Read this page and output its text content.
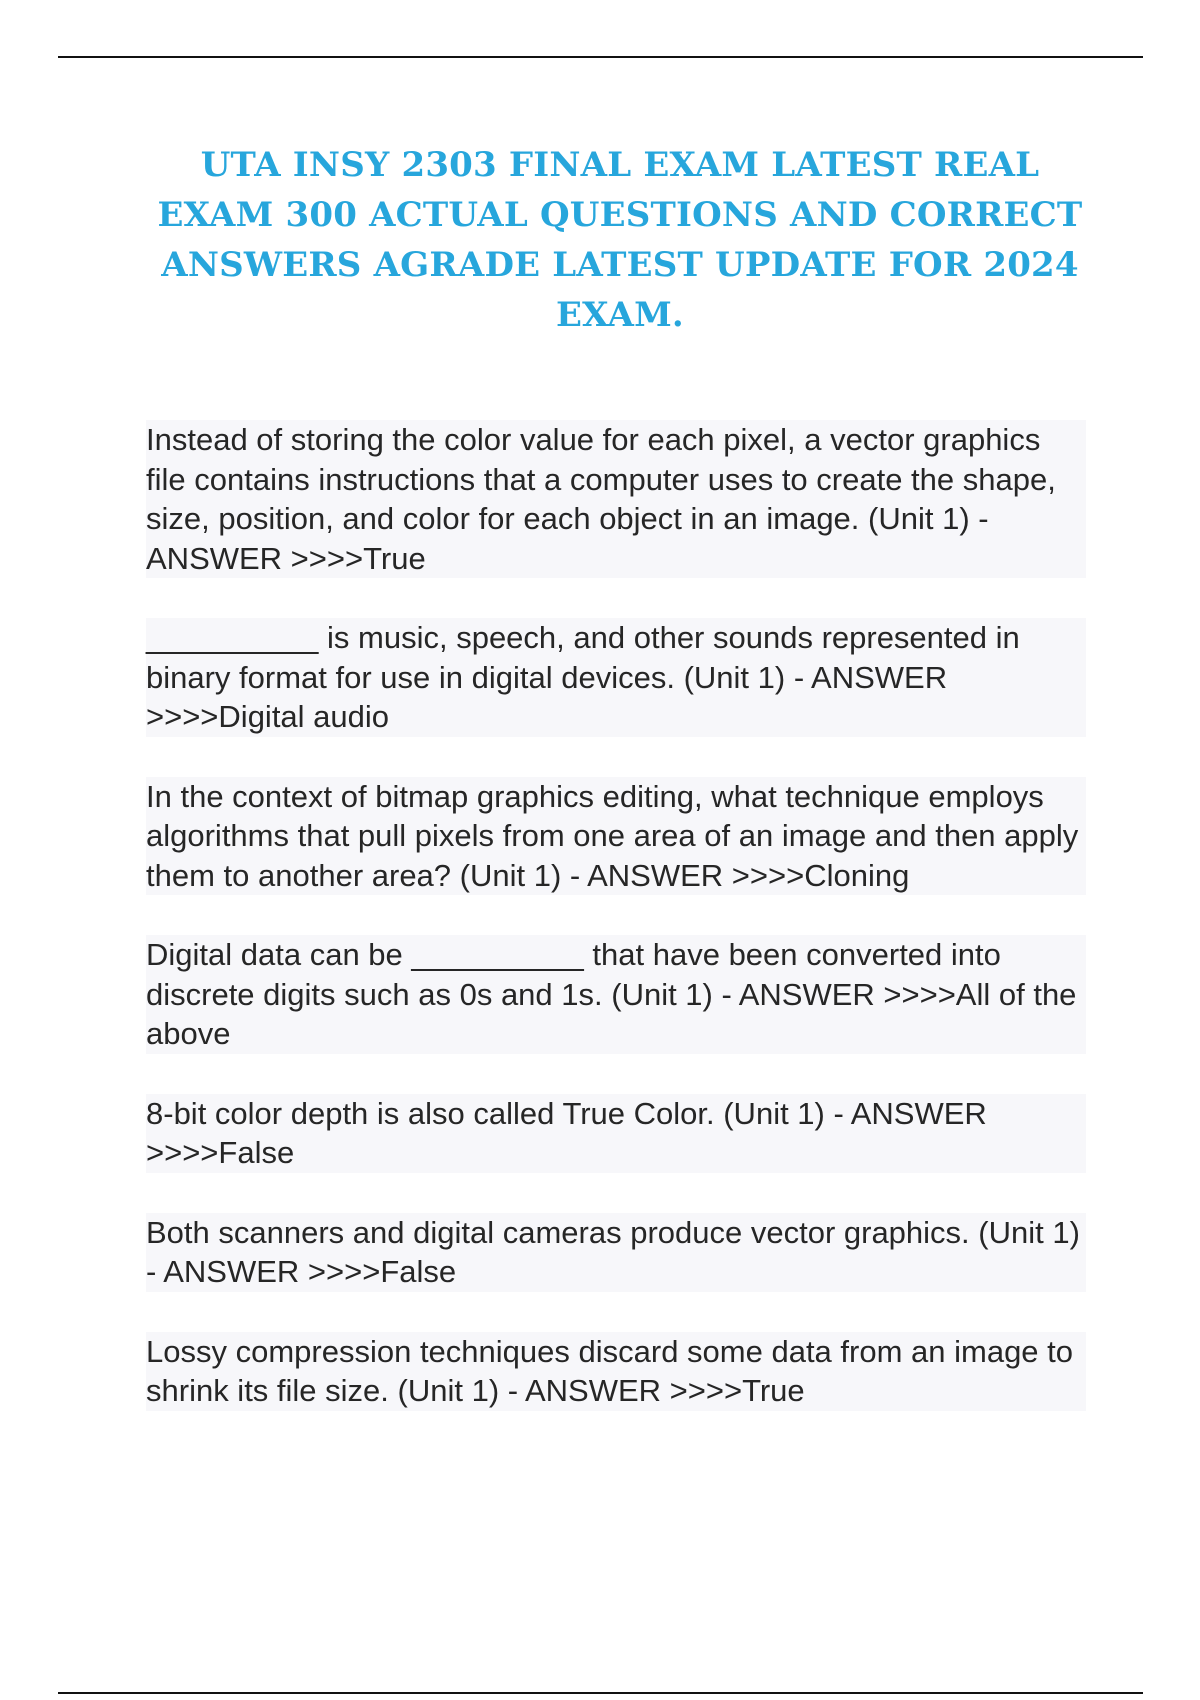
UTA INSY 2303 FINAL EXAM LATEST REAL EXAM 300 ACTUAL QUESTIONS AND CORRECT ANSWERS AGRADE LATEST UPDATE FOR 2024 EXAM.

Instead of storing the color value for each pixel, a vector graphics file contains instructions that a computer uses to create the shape, size, position, and color for each object in an image. (Unit 1) - ANSWER >>>>True

__________ is music, speech, and other sounds represented in binary format for use in digital devices. (Unit 1) - ANSWER >>>>Digital audio

In the context of bitmap graphics editing, what technique employs algorithms that pull pixels from one area of an image and then apply them to another area? (Unit 1) - ANSWER >>>>Cloning

Digital data can be __________ that have been converted into discrete digits such as 0s and 1s. (Unit 1) - ANSWER >>>>All of the above

8-bit color depth is also called True Color. (Unit 1) - ANSWER >>>>False

Both scanners and digital cameras produce vector graphics. (Unit 1) - ANSWER >>>>False

Lossy compression techniques discard some data from an image to shrink its file size. (Unit 1) - ANSWER >>>>True
